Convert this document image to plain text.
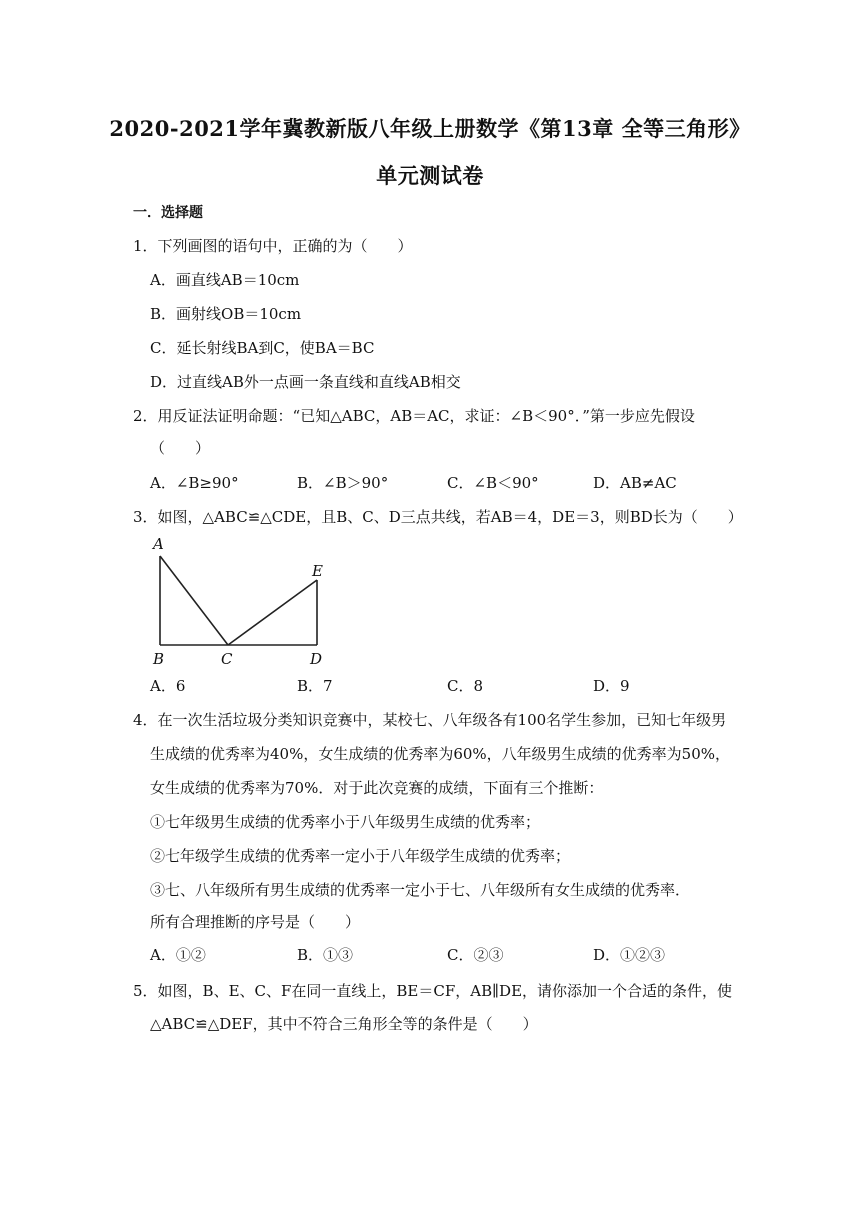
2020-2021学年冀教新版八年级上册数学《第13章 全等三角形》
单元测试卷
一．选择题
1．下列画图的语句中，正确的为（　　）
A．画直线AB＝10cm
B．画射线OB＝10cm
C．延长射线BA到C，使BA＝BC
D．过直线AB外一点画一条直线和直线AB相交
2．用反证法证明命题：“已知△ABC，AB＝AC，求证：∠B＜90°．”第一步应先假设
（　　）
A．∠B≥90°	B．∠B＞90°	C．∠B＜90°	D．AB≠AC
3．如图，△ABC≌△CDE，且B、C、D三点共线，若AB＝4，DE＝3，则BD长为（　　）
A
B	C	D
E
A．6	B．7	C．8	D．9
4．在一次生活垃圾分类知识竞赛中，某校七、八年级各有100名学生参加，已知七年级男
生成绩的优秀率为40%，女生成绩的优秀率为60%，八年级男生成绩的优秀率为50%，
女生成绩的优秀率为70%．对于此次竞赛的成绩，下面有三个推断：
①七年级男生成绩的优秀率小于八年级男生成绩的优秀率；
②七年级学生成绩的优秀率一定小于八年级学生成绩的优秀率；
③七、八年级所有男生成绩的优秀率一定小于七、八年级所有女生成绩的优秀率．
所有合理推断的序号是（　　）
A．①②	B．①③	C．②③	D．①②③
5．如图，B、E、C、F在同一直线上，BE＝CF，AB∥DE，请你添加一个合适的条件，使
△ABC≌△DEF，其中不符合三角形全等的条件是（　　）
